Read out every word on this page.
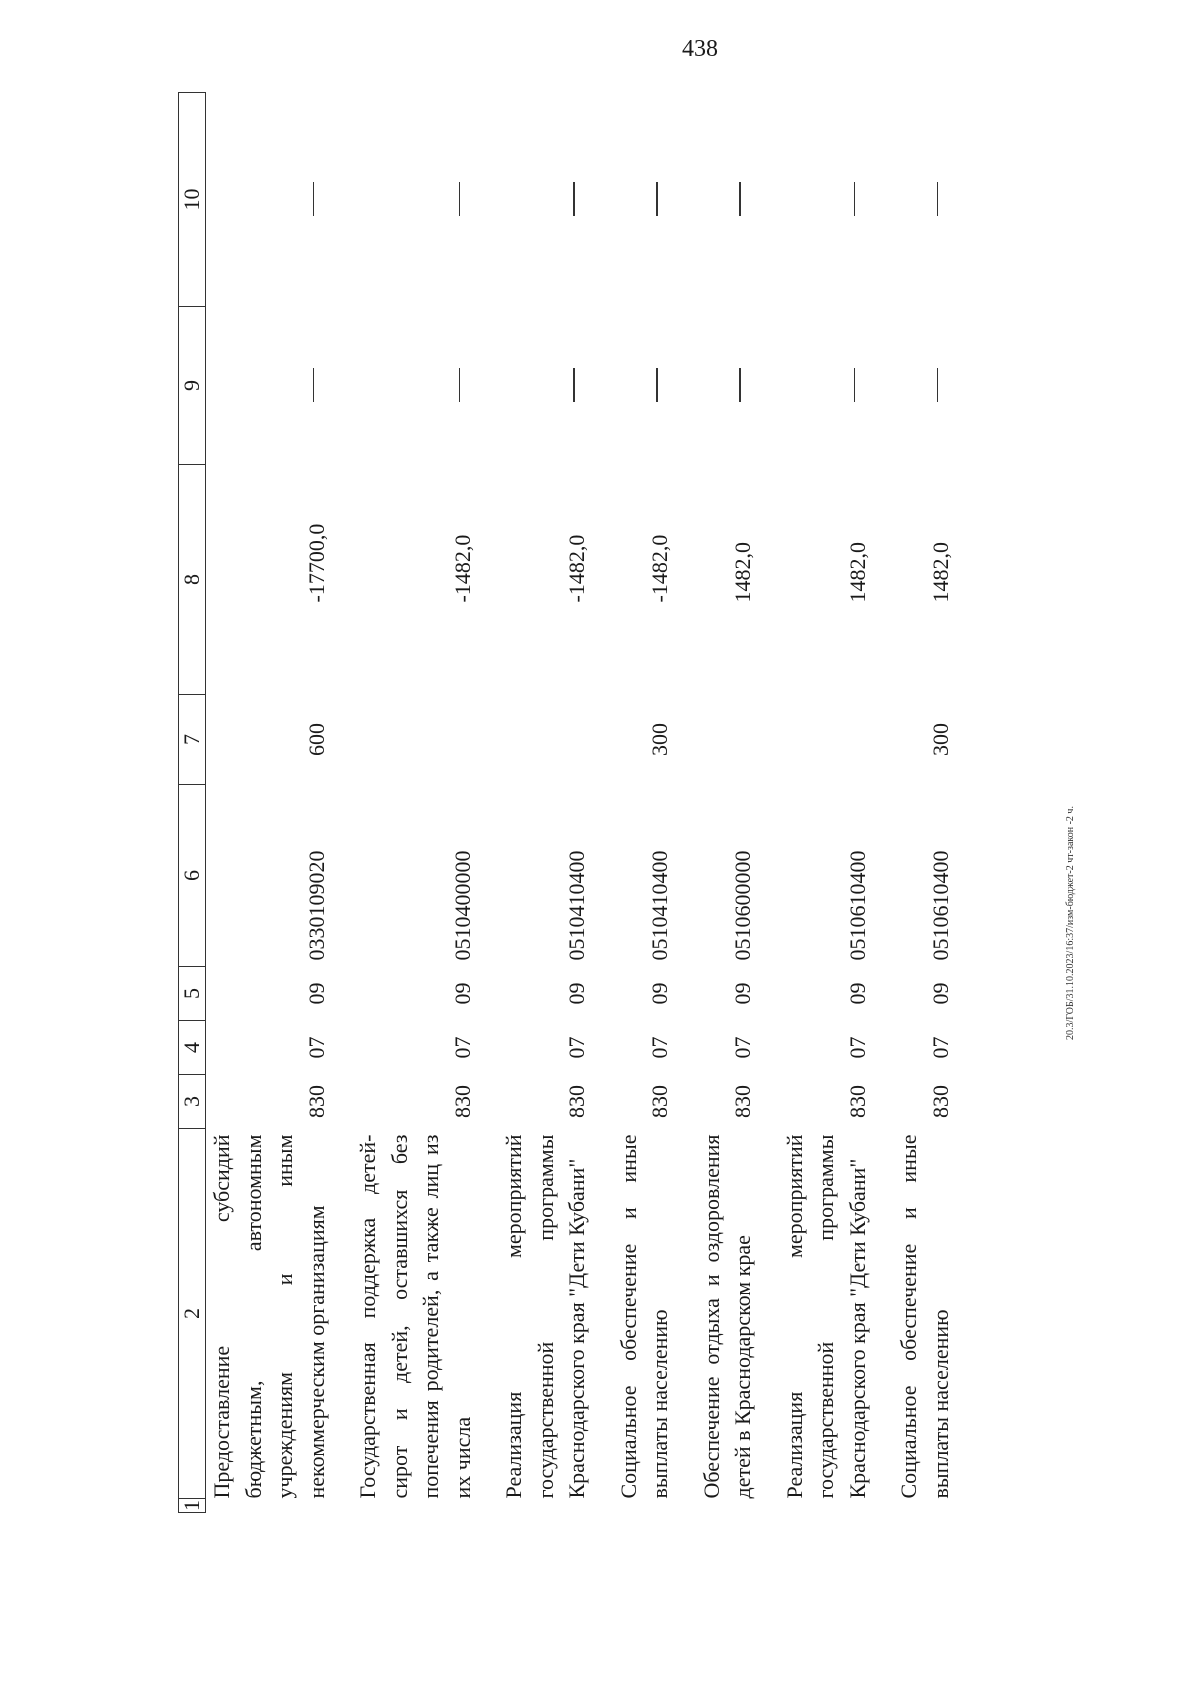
438
1	2	3	4	5	6	7	8	9	10
	Предоставление субсидий бюджетным, автономным учреждениям и иным некоммерческим организациям	830	07	09	0330109020	600	-17700,0		

	Государственная поддержка детей-сирот и детей, оставшихся без попечения родителей, а также лиц из их числа	830	07	09	0510400000		-1482,0		

	Реализация мероприятий государственной программы Краснодарского края "Дети Кубани"	830	07	09	0510410400		-1482,0		

	Социальное обеспечение и иные выплаты населению	830	07	09	0510410400	300	-1482,0		

	Обеспечение отдыха и оздоровления детей в Краснодарском крае	830	07	09	0510600000		1482,0		

	Реализация мероприятий государственной программы Краснодарского края "Дети Кубани"	830	07	09	0510610400		1482,0		

	Социальное обеспечение и иные выплаты населению	830	07	09	0510610400	300	1482,0		
20.3/ГОБ/31.10.2023/16:37/изм-бюджет-2 чт-закон -2 ч.
